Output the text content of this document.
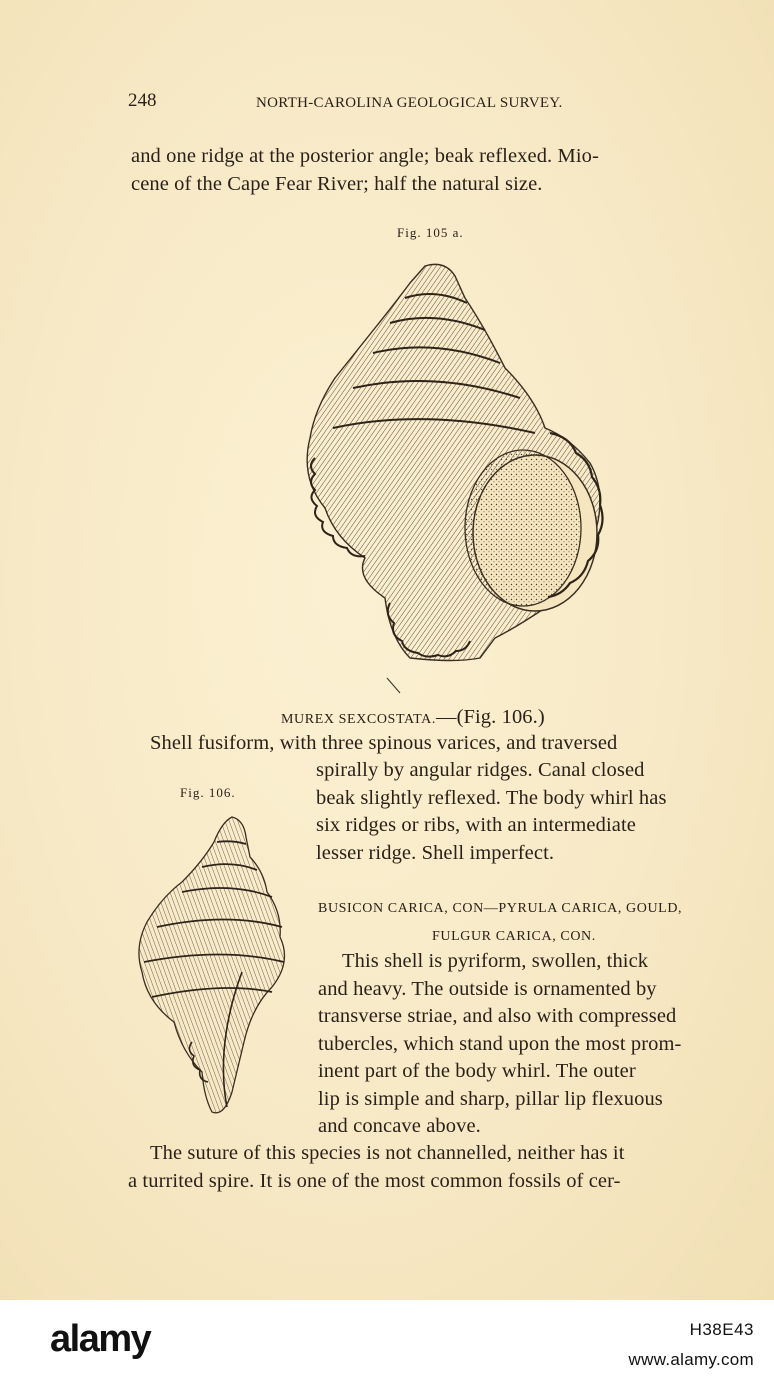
248	NORTH-CAROLINA GEOLOGICAL SURVEY.
and one ridge at the posterior angle; beak reflexed. Mio-
cene of the Cape Fear River; half the natural size.
Fig. 105 a.
MUREX SEXCOSTATA.—(Fig. 106.)
Shell fusiform, with three spinous varices, and traversed
spirally by angular ridges. Canal closed
beak slightly reflexed. The body whirl has
six ridges or ribs, with an intermediate
lesser ridge. Shell imperfect.
Fig. 106.
BUSICON CARICA, CON—PYRULA CARICA, GOULD,
FULGUR CARICA, CON.
This shell is pyriform, swollen, thick
and heavy. The outside is ornamented by
transverse striae, and also with compressed
tubercles, which stand upon the most prom-
inent part of the body whirl. The outer
lip is simple and sharp, pillar lip flexuous
and concave above.
The suture of this species is not channelled, neither has it
a turrited spire. It is one of the most common fossils of cer-
alamy	H38E43
www.alamy.com
